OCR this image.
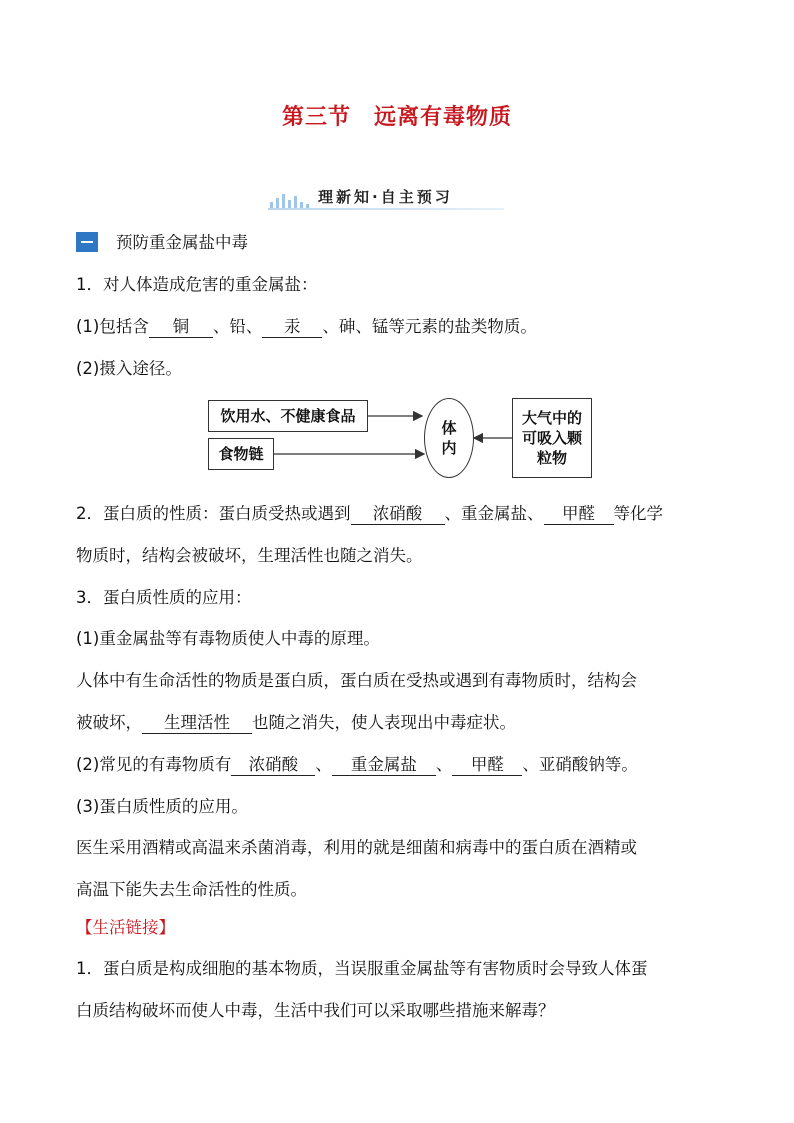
第三节　远离有毒物质
理新知·自主预习
预防重金属盐中毒
1．对人体造成危害的重金属盐：
(1)包括含 铜 、铅、 汞 、砷、锰等元素的盐类物质。
(2)摄入途径。
饮用水、不健康食品
食物链
体
内
大气中的
可吸入颗
粒物
2．蛋白质的性质：蛋白质受热或遇到 浓硝酸 、重金属盐、 甲醛 等化学
物质时，结构会被破坏，生理活性也随之消失。
3．蛋白质性质的应用：
(1)重金属盐等有毒物质使人中毒的原理。
人体中有生命活性的物质是蛋白质，蛋白质在受热或遇到有毒物质时，结构会
被破坏， 生理活性 也随之消失，使人表现出中毒症状。
(2)常见的有毒物质有 浓硝酸 、 重金属盐 、 甲醛 、亚硝酸钠等。
(3)蛋白质性质的应用。
医生采用酒精或高温来杀菌消毒，利用的就是细菌和病毒中的蛋白质在酒精或
高温下能失去生命活性的性质。
【生活链接】
1．蛋白质是构成细胞的基本物质，当误服重金属盐等有害物质时会导致人体蛋
白质结构破坏而使人中毒，生活中我们可以采取哪些措施来解毒？
